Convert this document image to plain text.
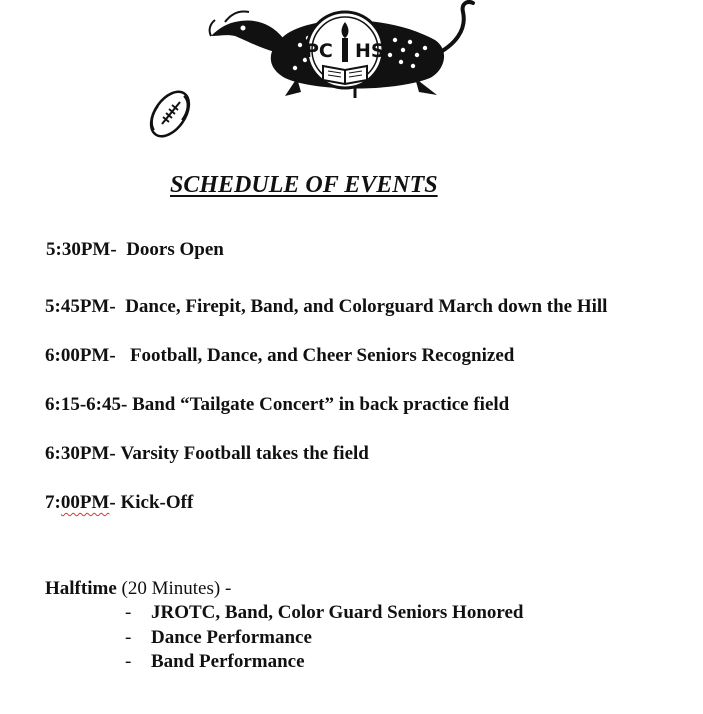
PC HS
SCHEDULE OF EVENTS
5:30PM- Doors Open
5:45PM- Dance, Firepit, Band, and Colorguard March down the Hill
6:00PM- Football, Dance, and Cheer Seniors Recognized
6:15-6:45- Band “Tailgate Concert” in back practice field
6:30PM- Varsity Football takes the field
7:00PM- Kick-Off
Halftime (20 Minutes) -
- JROTC, Band, Color Guard Seniors Honored
- Dance Performance
- Band Performance
